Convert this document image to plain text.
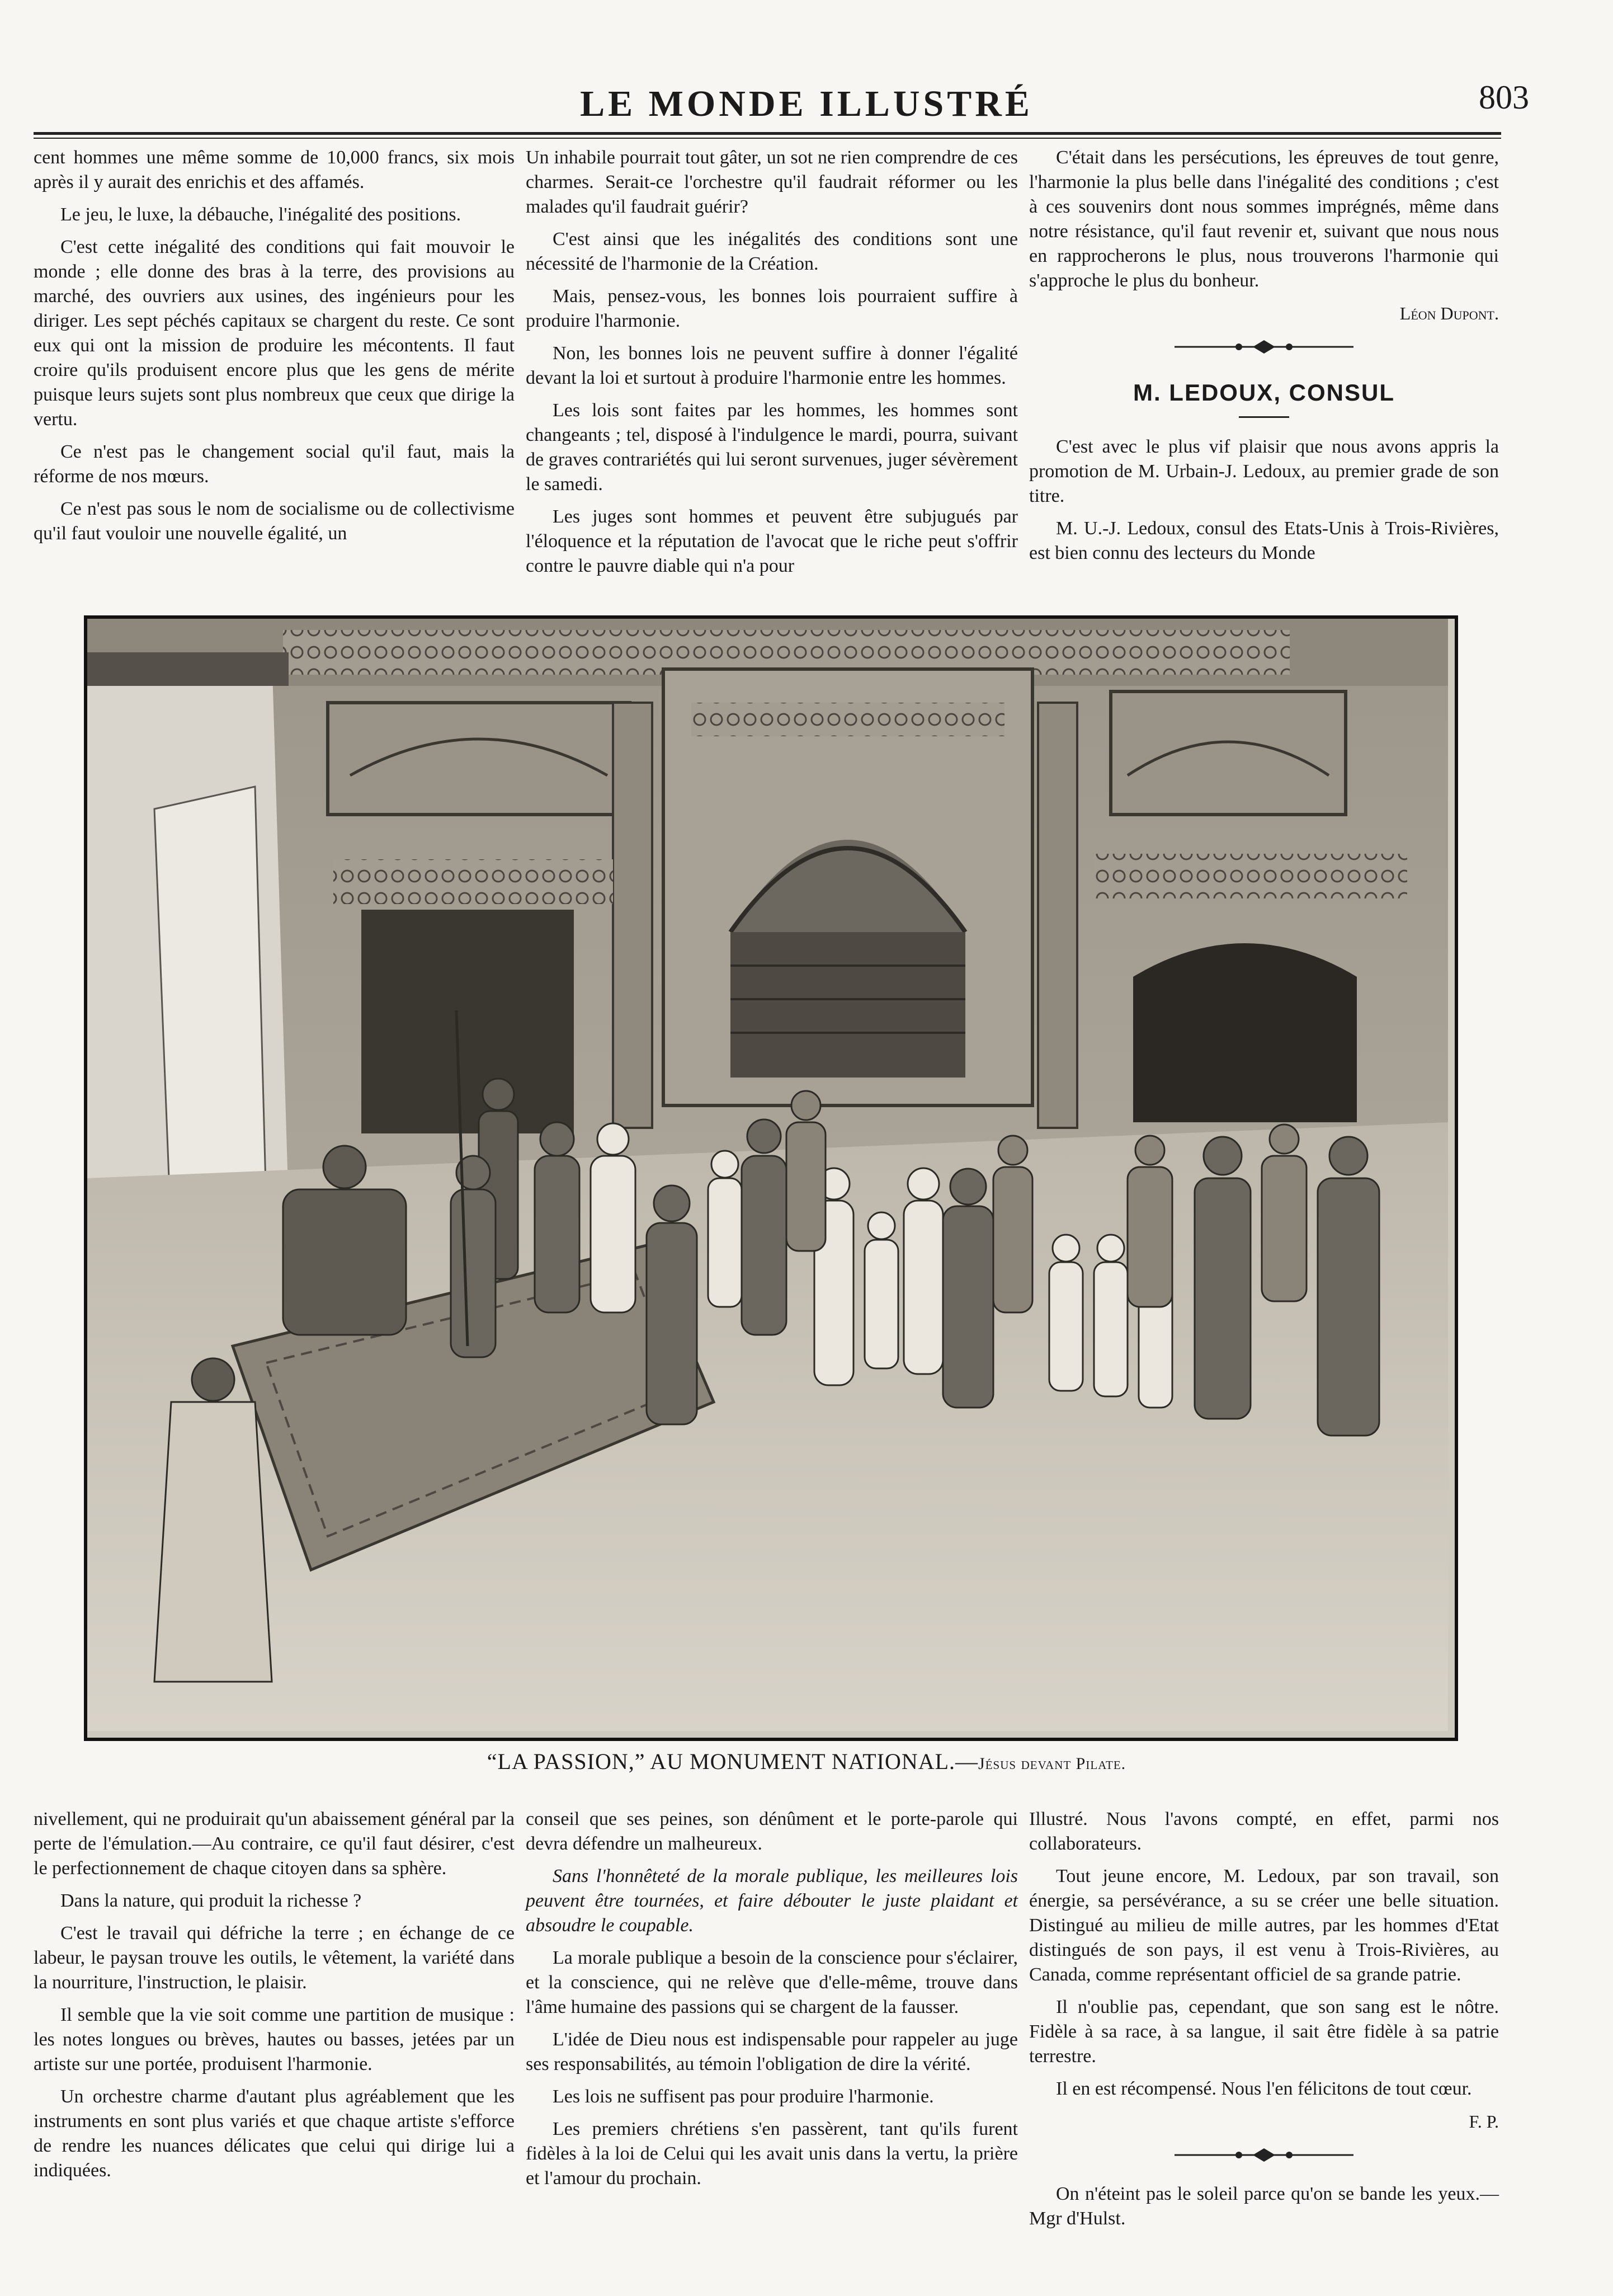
LE MONDE ILLUSTRÉ	803

cent hommes une même somme de 10,000 francs, six mois après il y aurait des enrichis et des affamés.

Le jeu, le luxe, la débauche, l'inégalité des positions.

C'est cette inégalité des conditions qui fait mouvoir le monde ; elle donne des bras à la terre, des provisions au marché, des ouvriers aux usines, des ingénieurs pour les diriger. Les sept péchés capitaux se chargent du reste. Ce sont eux qui ont la mission de produire les mécontents. Il faut croire qu'ils produisent encore plus que les gens de mérite puisque leurs sujets sont plus nombreux que ceux que dirige la vertu.

Ce n'est pas le changement social qu'il faut, mais la réforme de nos mœurs.

Ce n'est pas sous le nom de socialisme ou de collectivisme qu'il faut vouloir une nouvelle égalité, un

Un inhabile pourrait tout gâter, un sot ne rien comprendre de ces charmes. Serait-ce l'orchestre qu'il faudrait réformer ou les malades qu'il faudrait guérir?

C'est ainsi que les inégalités des conditions sont une nécessité de l'harmonie de la Création.

Mais, pensez-vous, les bonnes lois pourraient suffire à produire l'harmonie.

Non, les bonnes lois ne peuvent suffire à donner l'égalité devant la loi et surtout à produire l'harmonie entre les hommes.

Les lois sont faites par les hommes, les hommes sont changeants ; tel, disposé à l'indulgence le mardi, pourra, suivant de graves contrariétés qui lui seront survenues, juger sévèrement le samedi.

Les juges sont hommes et peuvent être subjugués par l'éloquence et la réputation de l'avocat que le riche peut s'offrir contre le pauvre diable qui n'a pour

C'était dans les persécutions, les épreuves de tout genre, l'harmonie la plus belle dans l'inégalité des conditions ; c'est à ces souvenirs dont nous sommes imprégnés, même dans notre résistance, qu'il faut revenir et, suivant que nous nous en rapprocherons le plus, nous trouverons l'harmonie qui s'approche le plus du bonheur.

Léon Dupont.

M. LEDOUX, CONSUL

C'est avec le plus vif plaisir que nous avons appris la promotion de M. Urbain-J. Ledoux, au premier grade de son titre.

M. U.-J. Ledoux, consul des Etats-Unis à Trois-Rivières, est bien connu des lecteurs du Monde

“LA PASSION,” AU MONUMENT NATIONAL.—Jésus devant Pilate.

nivellement, qui ne produirait qu'un abaissement général par la perte de l'émulation.—Au contraire, ce qu'il faut désirer, c'est le perfectionnement de chaque citoyen dans sa sphère.

Dans la nature, qui produit la richesse ?

C'est le travail qui défriche la terre ; en échange de ce labeur, le paysan trouve les outils, le vêtement, la variété dans la nourriture, l'instruction, le plaisir.

Il semble que la vie soit comme une partition de musique : les notes longues ou brèves, hautes ou basses, jetées par un artiste sur une portée, produisent l'harmonie.

Un orchestre charme d'autant plus agréablement que les instruments en sont plus variés et que chaque artiste s'efforce de rendre les nuances délicates que celui qui dirige lui a indiquées.

conseil que ses peines, son dénûment et le porte-parole qui devra défendre un malheureux.

Sans l'honnêteté de la morale publique, les meilleures lois peuvent être tournées, et faire débouter le juste plaidant et absoudre le coupable.

La morale publique a besoin de la conscience pour s'éclairer, et la conscience, qui ne relève que d'elle-même, trouve dans l'âme humaine des passions qui se chargent de la fausser.

L'idée de Dieu nous est indispensable pour rappeler au juge ses responsabilités, au témoin l'obligation de dire la vérité.

Les lois ne suffisent pas pour produire l'harmonie.

Les premiers chrétiens s'en passèrent, tant qu'ils furent fidèles à la loi de Celui qui les avait unis dans la vertu, la prière et l'amour du prochain.

Illustré. Nous l'avons compté, en effet, parmi nos collaborateurs.

Tout jeune encore, M. Ledoux, par son travail, son énergie, sa persévérance, a su se créer une belle situation. Distingué au milieu de mille autres, par les hommes d'Etat distingués de son pays, il est venu à Trois-Rivières, au Canada, comme représentant officiel de sa grande patrie.

Il n'oublie pas, cependant, que son sang est le nôtre. Fidèle à sa race, à sa langue, il sait être fidèle à sa patrie terrestre.

Il en est récompensé. Nous l'en félicitons de tout cœur.

F. P.

On n'éteint pas le soleil parce qu'on se bande les yeux.—Mgr d'Hulst.
